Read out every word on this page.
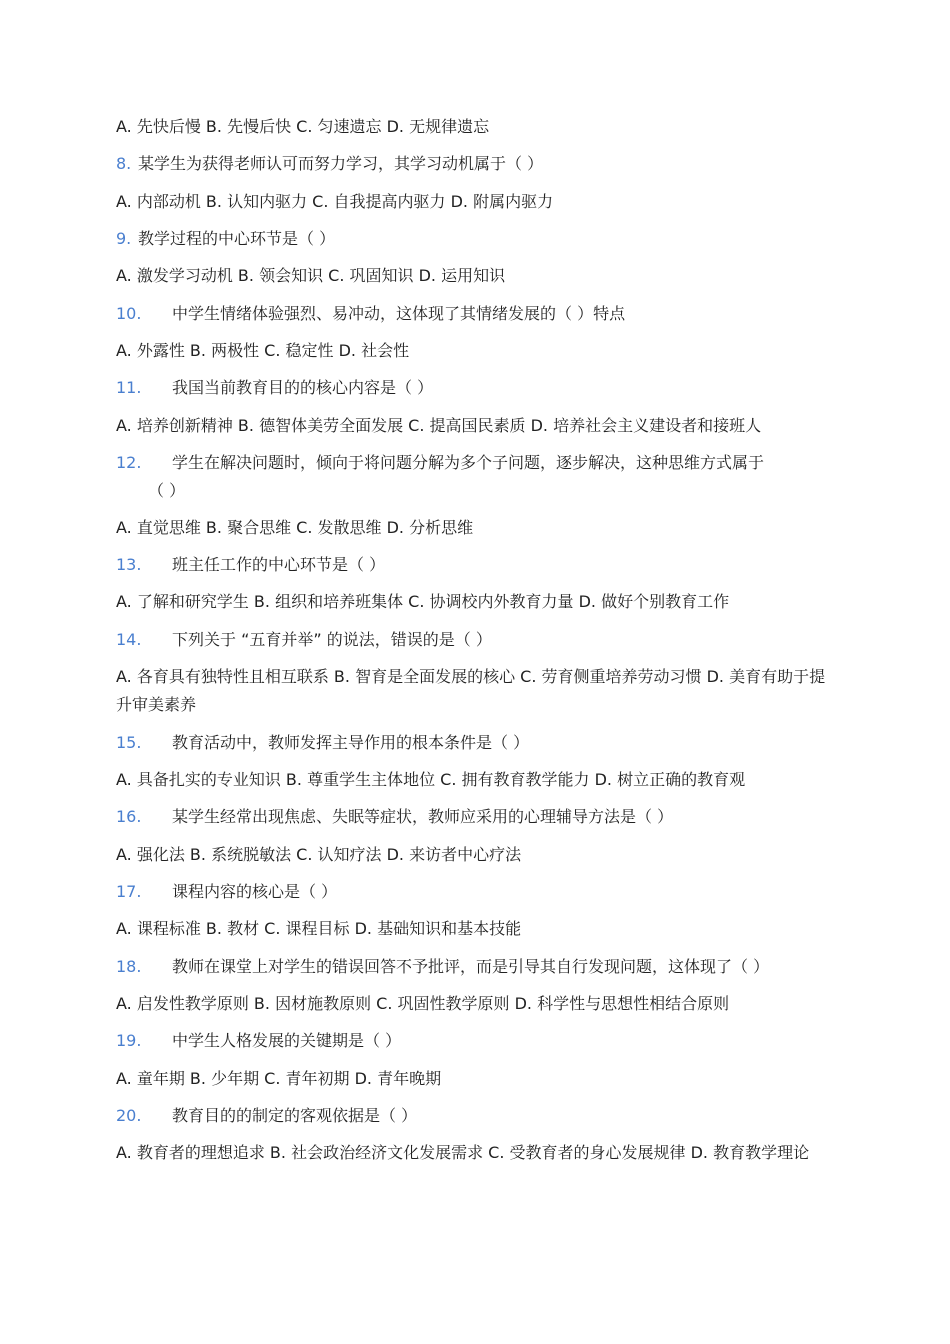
A. 先快后慢 B. 先慢后快 C. 匀速遗忘 D. 无规律遗忘
8. 某学生为获得老师认可而努力学习，其学习动机属于（ ）
A. 内部动机 B. 认知内驱力 C. 自我提高内驱力 D. 附属内驱力
9. 教学过程的中心环节是（ ）
A. 激发学习动机 B. 领会知识 C. 巩固知识 D. 运用知识
10. 中学生情绪体验强烈、易冲动，这体现了其情绪发展的（ ）特点
A. 外露性 B. 两极性 C. 稳定性 D. 社会性
11. 我国当前教育目的的核心内容是（ ）
A. 培养创新精神 B. 德智体美劳全面发展 C. 提高国民素质 D. 培养社会主义建设者和接班人
12. 学生在解决问题时，倾向于将问题分解为多个子问题，逐步解决，这种思维方式属于
（ ）
A. 直觉思维 B. 聚合思维 C. 发散思维 D. 分析思维
13. 班主任工作的中心环节是（ ）
A. 了解和研究学生 B. 组织和培养班集体 C. 协调校内外教育力量 D. 做好个别教育工作
14. 下列关于 “五育并举” 的说法，错误的是（ ）
A. 各育具有独特性且相互联系 B. 智育是全面发展的核心 C. 劳育侧重培养劳动习惯 D. 美育有助于提升审美素养
15. 教育活动中，教师发挥主导作用的根本条件是（ ）
A. 具备扎实的专业知识 B. 尊重学生主体地位 C. 拥有教育教学能力 D. 树立正确的教育观
16. 某学生经常出现焦虑、失眠等症状，教师应采用的心理辅导方法是（ ）
A. 强化法 B. 系统脱敏法 C. 认知疗法 D. 来访者中心疗法
17. 课程内容的核心是（ ）
A. 课程标准 B. 教材 C. 课程目标 D. 基础知识和基本技能
18. 教师在课堂上对学生的错误回答不予批评，而是引导其自行发现问题，这体现了（ ）
A. 启发性教学原则 B. 因材施教原则 C. 巩固性教学原则 D. 科学性与思想性相结合原则
19. 中学生人格发展的关键期是（ ）
A. 童年期 B. 少年期 C. 青年初期 D. 青年晚期
20. 教育目的的制定的客观依据是（ ）
A. 教育者的理想追求 B. 社会政治经济文化发展需求 C. 受教育者的身心发展规律 D. 教育教学理论
